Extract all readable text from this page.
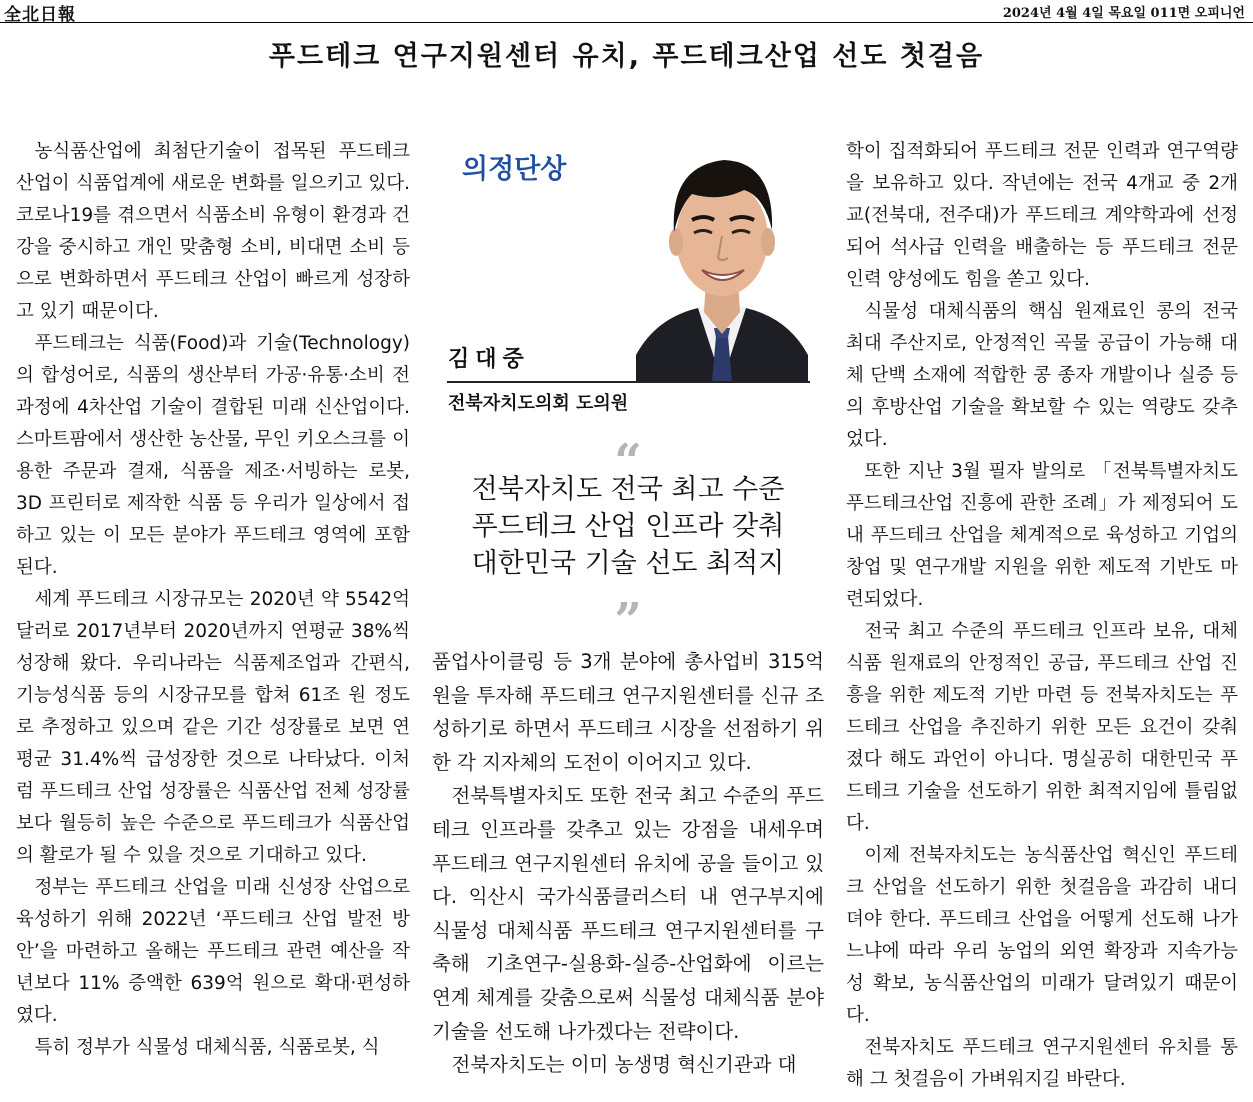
全北日報	2024년 4월 4일 목요일 011면 오피니언
푸드테크 연구지원센터 유치, 푸드테크산업 선도 첫걸음

농식품산업에 최첨단기술이 접목된 푸드테크 산업이 식품업계에 새로운 변화를 일으키고 있다. 코로나19를 겪으면서 식품소비 유형이 환경과 건강을 중시하고 개인 맞춤형 소비, 비대면 소비 등으로 변화하면서 푸드테크 산업이 빠르게 성장하고 있기 때문이다.

푸드테크는 식품(Food)과 기술(Technology)의 합성어로, 식품의 생산부터 가공·유통·소비 전 과정에 4차산업 기술이 결합된 미래 신산업이다. 스마트팜에서 생산한 농산물, 무인 키오스크를 이용한 주문과 결재, 식품을 제조·서빙하는 로봇, 3D 프린터로 제작한 식품 등 우리가 일상에서 접하고 있는 이 모든 분야가 푸드테크 영역에 포함된다.

세계 푸드테크 시장규모는 2020년 약 5542억 달러로 2017년부터 2020년까지 연평균 38%씩 성장해 왔다. 우리나라는 식품제조업과 간편식, 기능성식품 등의 시장규모를 합쳐 61조 원 정도로 추정하고 있으며 같은 기간 성장률로 보면 연평균 31.4%씩 급성장한 것으로 나타났다. 이처럼 푸드테크 산업 성장률은 식품산업 전체 성장률보다 월등히 높은 수준으로 푸드테크가 식품산업의 활로가 될 수 있을 것으로 기대하고 있다.

정부는 푸드테크 산업을 미래 신성장 산업으로 육성하기 위해 2022년 ‘푸드테크 산업 발전 방안’을 마련하고 올해는 푸드테크 관련 예산을 작년보다 11% 증액한 639억 원으로 확대·편성하였다.

특히 정부가 식물성 대체식품, 식품로봇, 식

의정단상
김대중
전북자치도의회 도의원
“
전북자치도 전국 최고 수준
푸드테크 산업 인프라 갖춰
대한민국 기술 선도 최적지
”

품업사이클링 등 3개 분야에 총사업비 315억 원을 투자해 푸드테크 연구지원센터를 신규 조성하기로 하면서 푸드테크 시장을 선점하기 위한 각 지자체의 도전이 이어지고 있다.

전북특별자치도 또한 전국 최고 수준의 푸드테크 인프라를 갖추고 있는 강점을 내세우며 푸드테크 연구지원센터 유치에 공을 들이고 있다. 익산시 국가식품클러스터 내 연구부지에 식물성 대체식품 푸드테크 연구지원센터를 구축해 기초연구-실용화-실증-산업화에 이르는 연계 체계를 갖춤으로써 식물성 대체식품 분야 기술을 선도해 나가겠다는 전략이다.

전북자치도는 이미 농생명 혁신기관과 대

학이 집적화되어 푸드테크 전문 인력과 연구역량을 보유하고 있다. 작년에는 전국 4개교 중 2개교(전북대, 전주대)가 푸드테크 계약학과에 선정되어 석사급 인력을 배출하는 등 푸드테크 전문인력 양성에도 힘을 쏟고 있다.

식물성 대체식품의 핵심 원재료인 콩의 전국 최대 주산지로, 안정적인 곡물 공급이 가능해 대체 단백 소재에 적합한 콩 종자 개발이나 실증 등의 후방산업 기술을 확보할 수 있는 역량도 갖추었다.

또한 지난 3월 필자 발의로 「전북특별자치도 푸드테크산업 진흥에 관한 조례」가 제정되어 도내 푸드테크 산업을 체계적으로 육성하고 기업의 창업 및 연구개발 지원을 위한 제도적 기반도 마련되었다.

전국 최고 수준의 푸드테크 인프라 보유, 대체식품 원재료의 안정적인 공급, 푸드테크 산업 진흥을 위한 제도적 기반 마련 등 전북자치도는 푸드테크 산업을 추진하기 위한 모든 요건이 갖춰졌다 해도 과언이 아니다. 명실공히 대한민국 푸드테크 기술을 선도하기 위한 최적지임에 틀림없다.

이제 전북자치도는 농식품산업 혁신인 푸드테크 산업을 선도하기 위한 첫걸음을 과감히 내디뎌야 한다. 푸드테크 산업을 어떻게 선도해 나가느냐에 따라 우리 농업의 외연 확장과 지속가능성 확보, 농식품산업의 미래가 달려있기 때문이다.

전북자치도 푸드테크 연구지원센터 유치를 통해 그 첫걸음이 가벼워지길 바란다.
